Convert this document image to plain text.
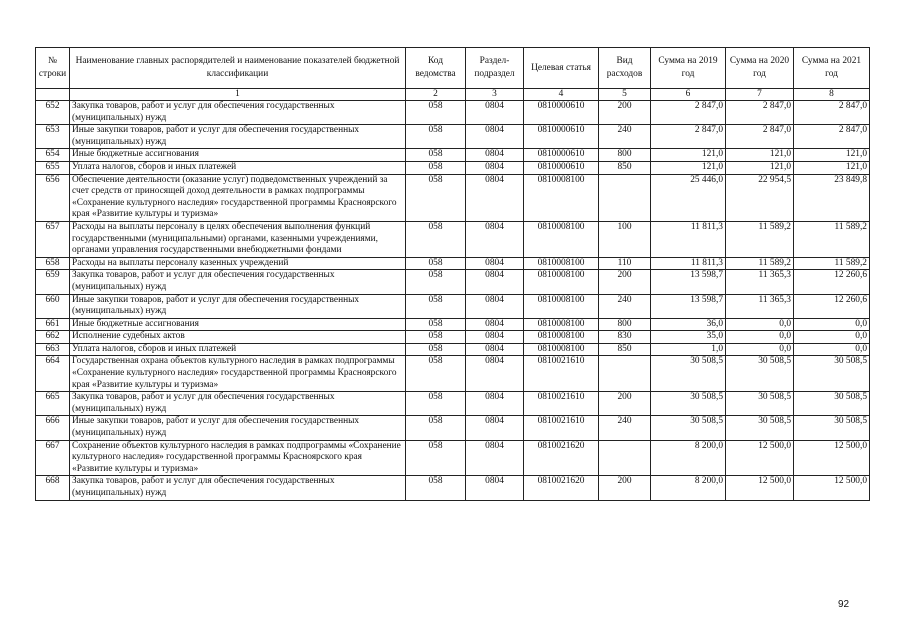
№ строки	Наименование главных распорядителей и наименование показателей бюджетной классификации	Код ведомства	Раздел-подраздел	Целевая статья	Вид расходов	Сумма на 2019 год	Сумма на 2020 год	Сумма на 2021 год
	1	2	3	4	5	6	7	8
652	Закупка товаров, работ и услуг для обеспечения государственных (муниципальных) нужд	058	0804	0810000610	200	2 847,0	2 847,0	2 847,0
653	Иные закупки товаров, работ и услуг для обеспечения государственных (муниципальных) нужд	058	0804	0810000610	240	2 847,0	2 847,0	2 847,0
654	Иные бюджетные ассигнования	058	0804	0810000610	800	121,0	121,0	121,0
655	Уплата налогов, сборов и иных платежей	058	0804	0810000610	850	121,0	121,0	121,0
656	Обеспечение деятельности (оказание услуг) подведомственных учреждений за счет средств от приносящей доход деятельности в рамках подпрограммы «Сохранение культурного наследия» государственной программы Красноярского края «Развитие культуры и туризма»	058	0804	0810008100		25 446,0	22 954,5	23 849,8
657	Расходы на выплаты персоналу в целях обеспечения выполнения функций государственными (муниципальными) органами, казенными учреждениями, органами управления государственными внебюджетными фондами	058	0804	0810008100	100	11 811,3	11 589,2	11 589,2
658	Расходы на выплаты персоналу казенных учреждений	058	0804	0810008100	110	11 811,3	11 589,2	11 589,2
659	Закупка товаров, работ и услуг для обеспечения государственных (муниципальных) нужд	058	0804	0810008100	200	13 598,7	11 365,3	12 260,6
660	Иные закупки товаров, работ и услуг для обеспечения государственных (муниципальных) нужд	058	0804	0810008100	240	13 598,7	11 365,3	12 260,6
661	Иные бюджетные ассигнования	058	0804	0810008100	800	36,0	0,0	0,0
662	Исполнение судебных актов	058	0804	0810008100	830	35,0	0,0	0,0
663	Уплата налогов, сборов и иных платежей	058	0804	0810008100	850	1,0	0,0	0,0
664	Государственная охрана объектов культурного наследия в рамках подпрограммы «Сохранение культурного наследия» государственной программы Красноярского края «Развитие культуры и туризма»	058	0804	0810021610		30 508,5	30 508,5	30 508,5
665	Закупка товаров, работ и услуг для обеспечения государственных (муниципальных) нужд	058	0804	0810021610	200	30 508,5	30 508,5	30 508,5
666	Иные закупки товаров, работ и услуг для обеспечения государственных (муниципальных) нужд	058	0804	0810021610	240	30 508,5	30 508,5	30 508,5
667	Сохранение объектов культурного наследия в рамках подпрограммы «Сохранение культурного наследия» государственной программы Красноярского края «Развитие культуры и туризма»	058	0804	0810021620		8 200,0	12 500,0	12 500,0
668	Закупка товаров, работ и услуг для обеспечения государственных (муниципальных) нужд	058	0804	0810021620	200	8 200,0	12 500,0	12 500,0
92
